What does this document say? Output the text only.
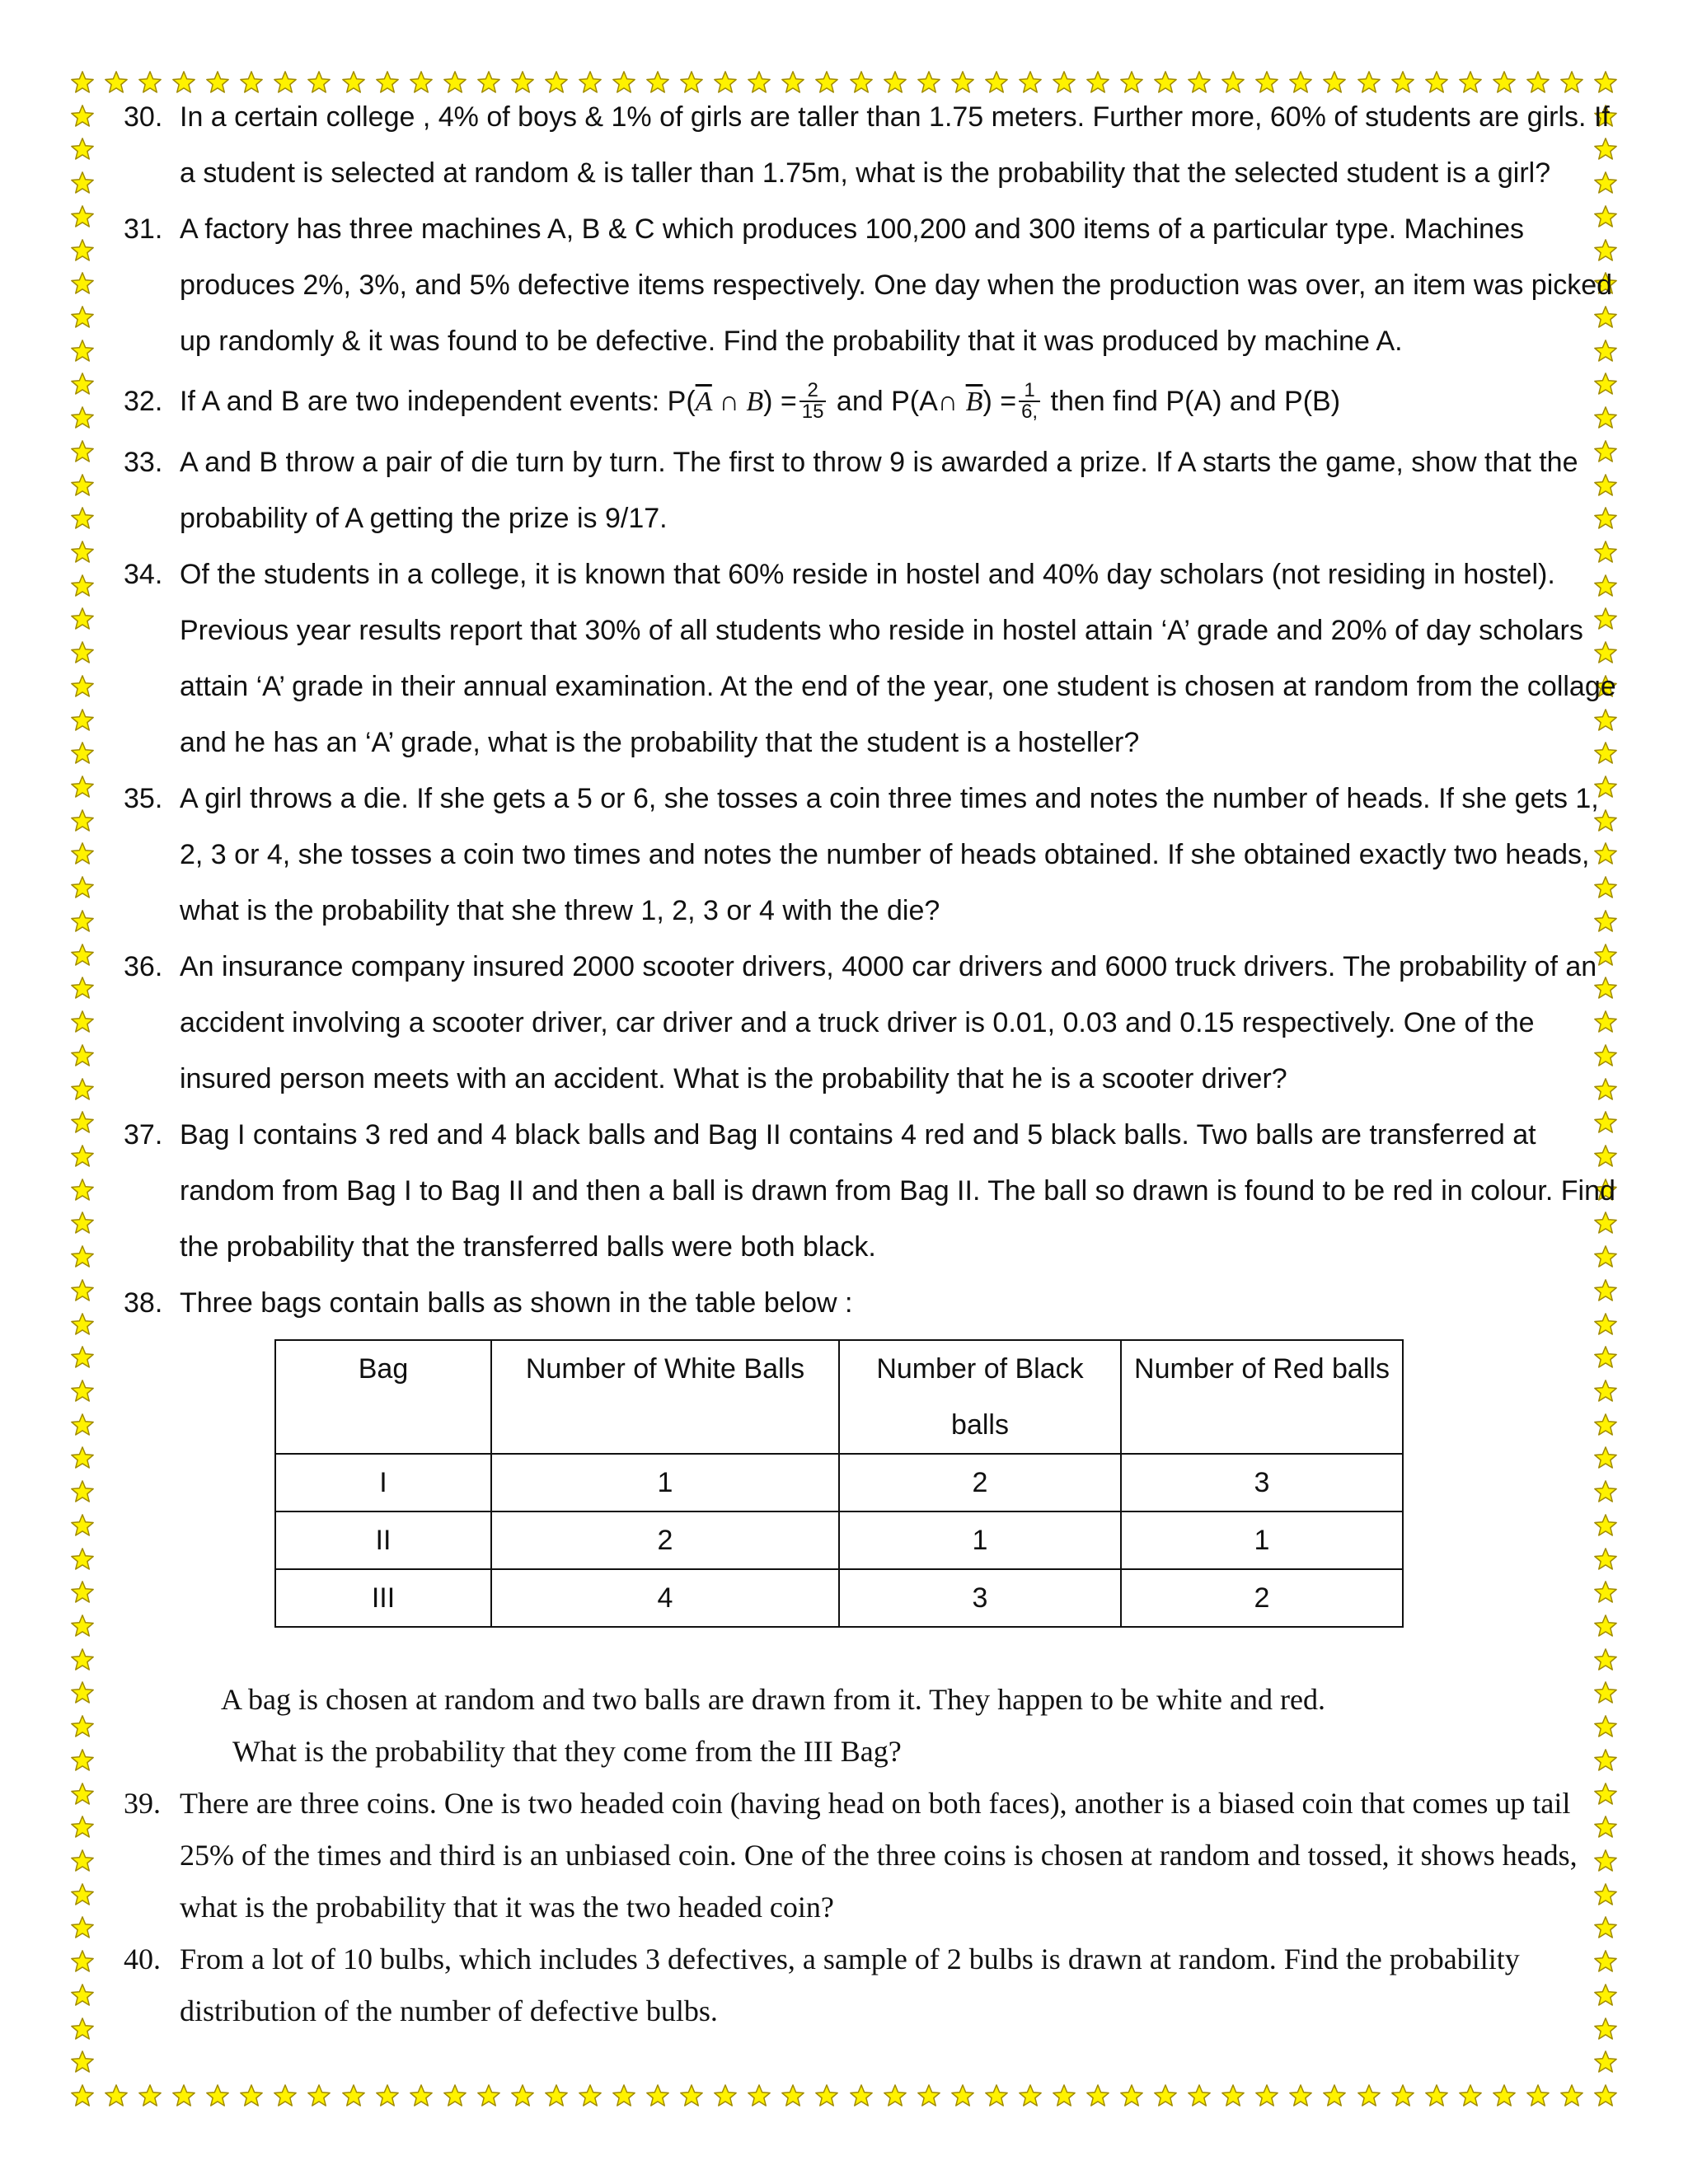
30. In a certain college , 4% of boys & 1% of girls are taller than 1.75 meters. Further more, 60% of students are girls. If a student is selected at random & is taller than 1.75m, what is the probability that the selected student is a girl?
31. A factory has three machines A, B & C which produces 100,200 and 300 items of a particular type. Machines produces 2%, 3%, and 5% defective items respectively. One day when the production was over, an item was picked up randomly & it was found to be defective. Find the probability that it was produced by machine A.
32. If A and B are two independent events: $P(\overline{A}$ ∩ $B) = \frac{2}{15}$ and P(A∩ $\overline{B}) = \frac{1}{6,}$ then find P(A) and P(B)
33. A and B throw a pair of die turn by turn. The first to throw 9 is awarded a prize. If A starts the game, show that the probability of A getting the prize is 9/17.
34. Of the students in a college, it is known that 60% reside in hostel and 40% day scholars (not residing in hostel). Previous year results report that 30% of all students who reside in hostel attain ‘A’ grade and 20% of day scholars attain ‘A’ grade in their annual examination. At the end of the year, one student is chosen at random from the collage and he has an ‘A’ grade, what is the probability that the student is a hosteller?
35. A girl throws a die. If she gets a 5 or 6, she tosses a coin three times and notes the number of heads. If she gets 1, 2, 3 or 4, she tosses a coin two times and notes the number of heads obtained. If she obtained exactly two heads, what is the probability that she threw 1, 2, 3 or 4 with the die?
36. An insurance company insured 2000 scooter drivers, 4000 car drivers and 6000 truck drivers. The probability of an accident involving a scooter driver, car driver and a truck driver is 0.01, 0.03 and 0.15 respectively. One of the insured person meets with an accident. What is the probability that he is a scooter driver?
37. Bag I contains 3 red and 4 black balls and Bag II contains 4 red and 5 black balls. Two balls are transferred at random from Bag I to Bag II and then a ball is drawn from Bag II. The ball so drawn is found to be red in colour. Find the probability that the transferred balls were both black.
38. Three bags contain balls as shown in the table below :
Bag	Number of White Balls	Number of Black balls	Number of Red balls
I	1	2	3
II	2	1	1
III	4	3	2
A bag is chosen at random and two balls are drawn from it. They happen to be white and red.
What is the probability that they come from the III Bag?
39. There are three coins. One is two headed coin (having head on both faces), another is a biased coin that comes up tail 25% of the times and third is an unbiased coin. One of the three coins is chosen at random and tossed, it shows heads, what is the probability that it was the two headed coin?
40. From a lot of 10 bulbs, which includes 3 defectives, a sample of 2 bulbs is drawn at random. Find the probability distribution of the number of defective bulbs.
